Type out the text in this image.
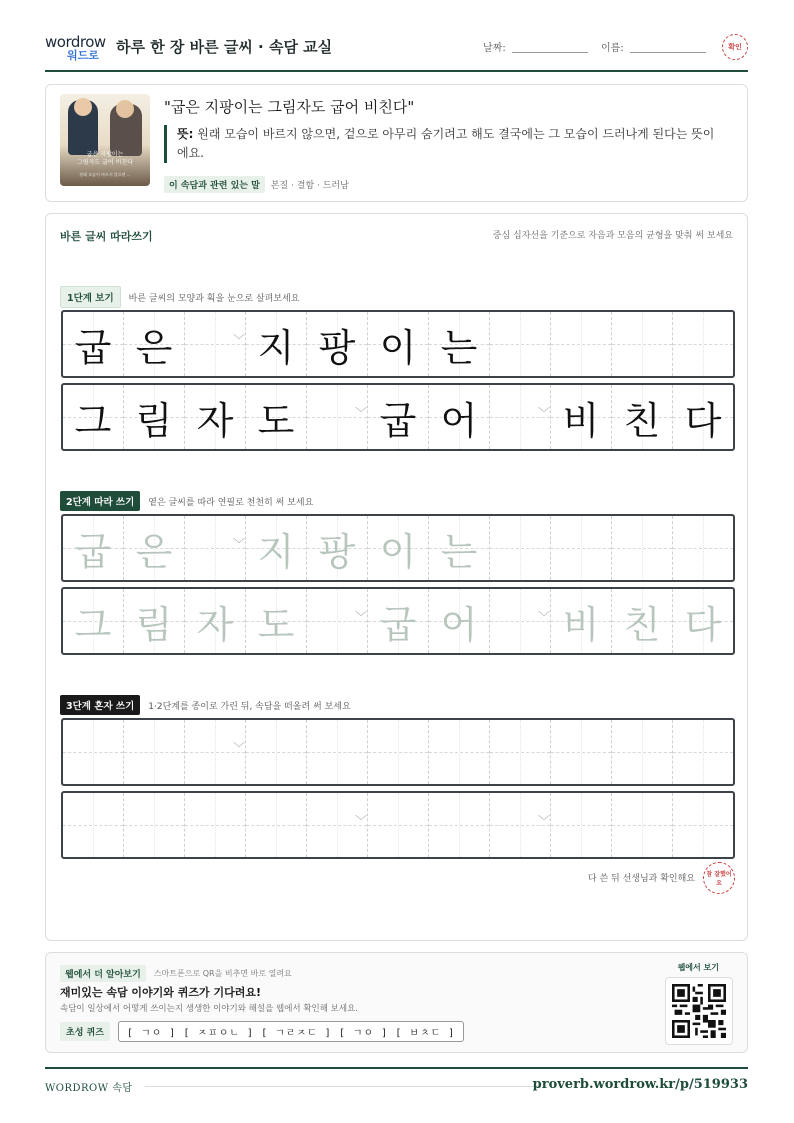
wordrow
워드로 하루 한 장 바른 글씨 · 속담 교실	날짜:	이름:	확인
굽은 지팡이는
그림자도 굽어 비친다
원래 모습이 바르지 않으면 ...
"굽은 지팡이는 그림자도 굽어 비친다"
뜻: 원래 모습이 바르지 않으면, 겉으로 아무리 숨기려고 해도 결국에는 그 모습이 드러나게 된다는 뜻이에요.
이 속담과 관련 있는 말	본질 · 결함 · 드러남
바른 글씨 따라쓰기	중심 십자선을 기준으로 자음과 모음의 균형을 맞춰 써 보세요
1단계 보기	바른 글씨의 모양과 획을 눈으로 살펴보세요
굽 은	﹀ 지 팡 이 는
그 림 자 도	﹀ 굽 어	﹀ 비 친 다
2단계 따라 쓰기	옅은 글씨를 따라 연필로 천천히 써 보세요
굽 은	﹀ 지 팡 이 는
그 림 자 도	﹀ 굽 어	﹀ 비 친 다
3단계 혼자 쓰기	1·2단계를 종이로 가린 뒤, 속담을 떠올려 써 보세요
﹀
﹀	﹀
다 쓴 뒤 선생님과 확인해요	참 잘했어요
웹에서 더 알아보기	스마트폰으로 QR을 비추면 바로 열려요
재미있는 속담 이야기와 퀴즈가 기다려요!
속담이 일상에서 어떻게 쓰이는지 생생한 이야기와 해설을 웹에서 확인해 보세요.
초성 퀴즈	[ ㄱㅇ ] [ ㅈㅍㅇㄴ ] [ ㄱㄹㅈㄷ ] [ ㄱㅇ ] [ ㅂㅊㄷ ]
웹에서 보기
WORDROW 속담	proverb.wordrow.kr/p/519933
